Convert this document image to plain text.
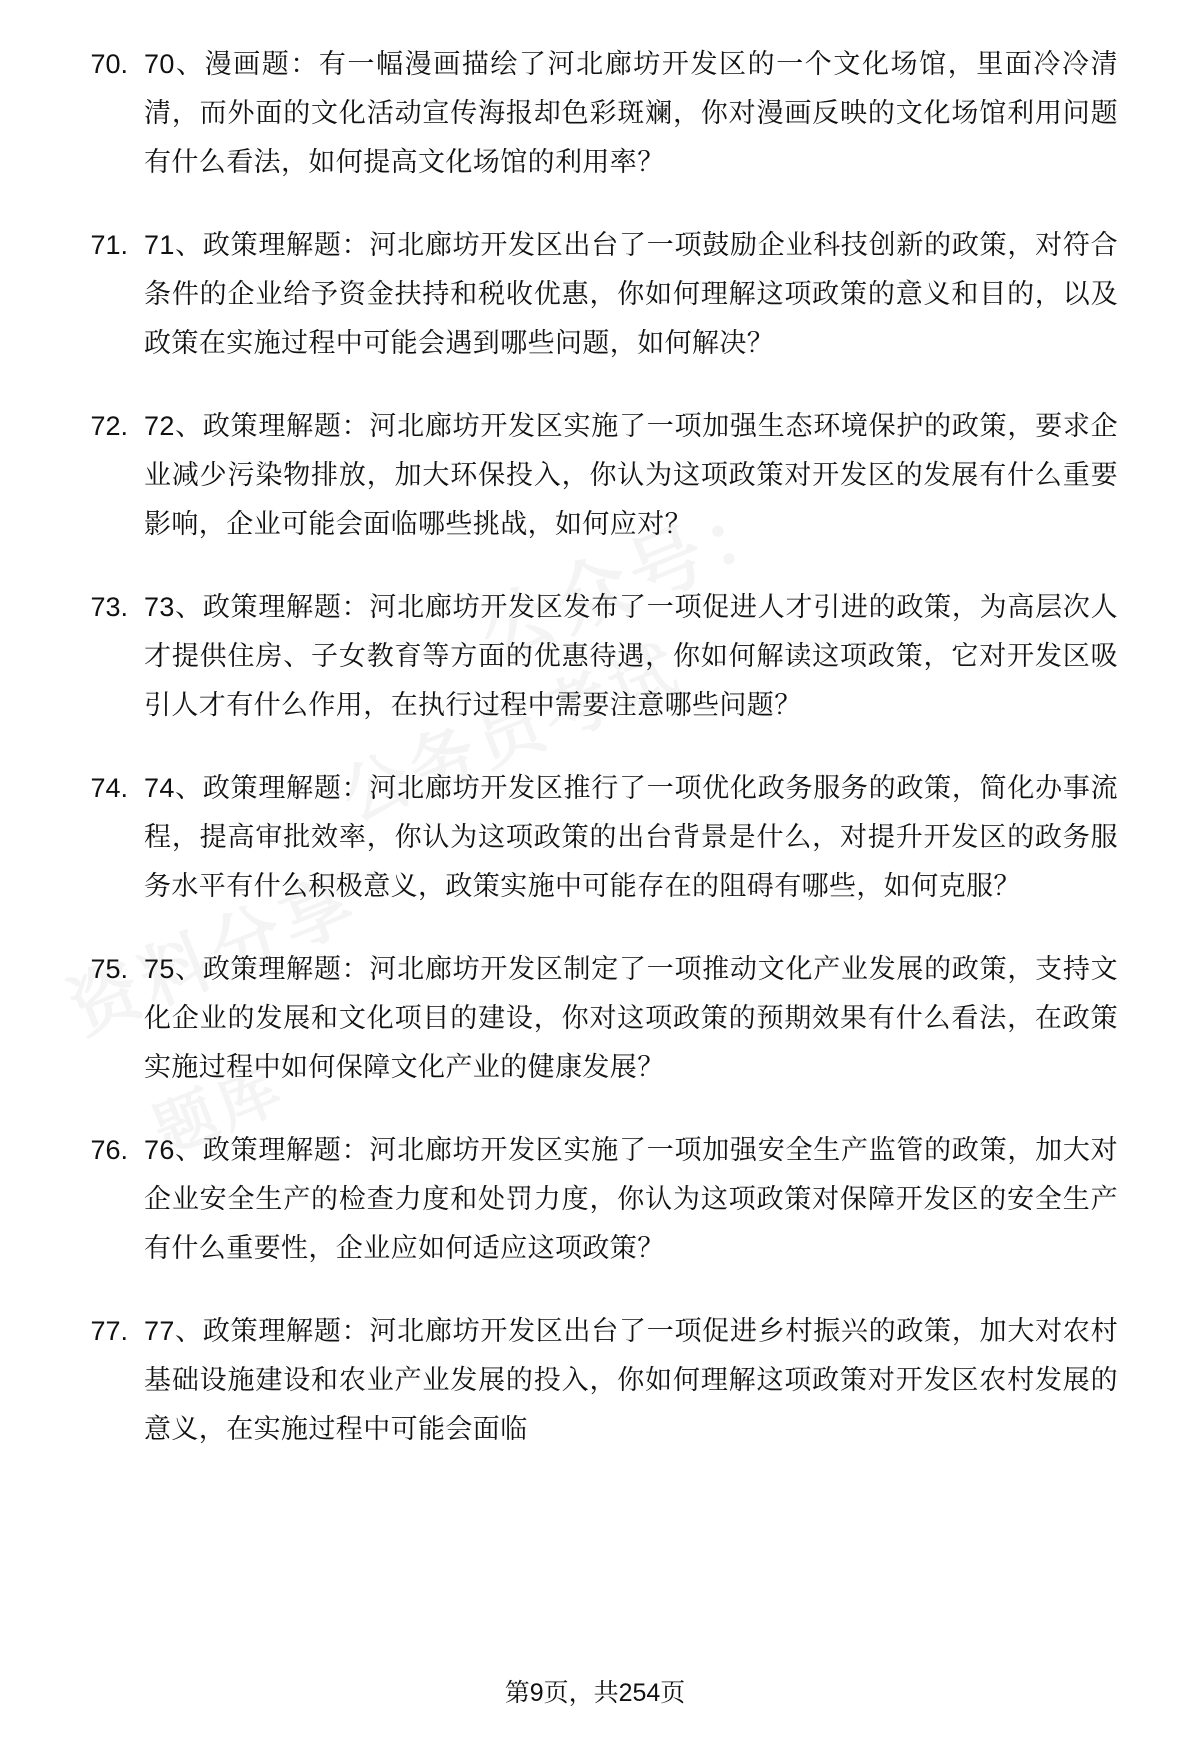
70. 70、漫画题：有一幅漫画描绘了河北廊坊开发区的一个文化场馆，里面冷冷清清，而外面的文化活动宣传海报却色彩斑斓，你对漫画反映的文化场馆利用问题有什么看法，如何提高文化场馆的利用率？
71. 71、政策理解题：河北廊坊开发区出台了一项鼓励企业科技创新的政策，对符合条件的企业给予资金扶持和税收优惠，你如何理解这项政策的意义和目的，以及政策在实施过程中可能会遇到哪些问题，如何解决？
72. 72、政策理解题：河北廊坊开发区实施了一项加强生态环境保护的政策，要求企业减少污染物排放，加大环保投入，你认为这项政策对开发区的发展有什么重要影响，企业可能会面临哪些挑战，如何应对？
73. 73、政策理解题：河北廊坊开发区发布了一项促进人才引进的政策，为高层次人才提供住房、子女教育等方面的优惠待遇，你如何解读这项政策，它对开发区吸引人才有什么作用，在执行过程中需要注意哪些问题？
74. 74、政策理解题：河北廊坊开发区推行了一项优化政务服务的政策，简化办事流程，提高审批效率，你认为这项政策的出台背景是什么，对提升开发区的政务服务水平有什么积极意义，政策实施中可能存在的阻碍有哪些，如何克服？
75. 75、政策理解题：河北廊坊开发区制定了一项推动文化产业发展的政策，支持文化企业的发展和文化项目的建设，你对这项政策的预期效果有什么看法，在政策实施过程中如何保障文化产业的健康发展？
76. 76、政策理解题：河北廊坊开发区实施了一项加强安全生产监管的政策，加大对企业安全生产的检查力度和处罚力度，你认为这项政策对保障开发区的安全生产有什么重要性，企业应如何适应这项政策？
77. 77、政策理解题：河北廊坊开发区出台了一项促进乡村振兴的政策，加大对农村基础设施建设和农业产业发展的投入，你如何理解这项政策对开发区农村发展的意义，在实施过程中可能会面临
第9页，共254页
